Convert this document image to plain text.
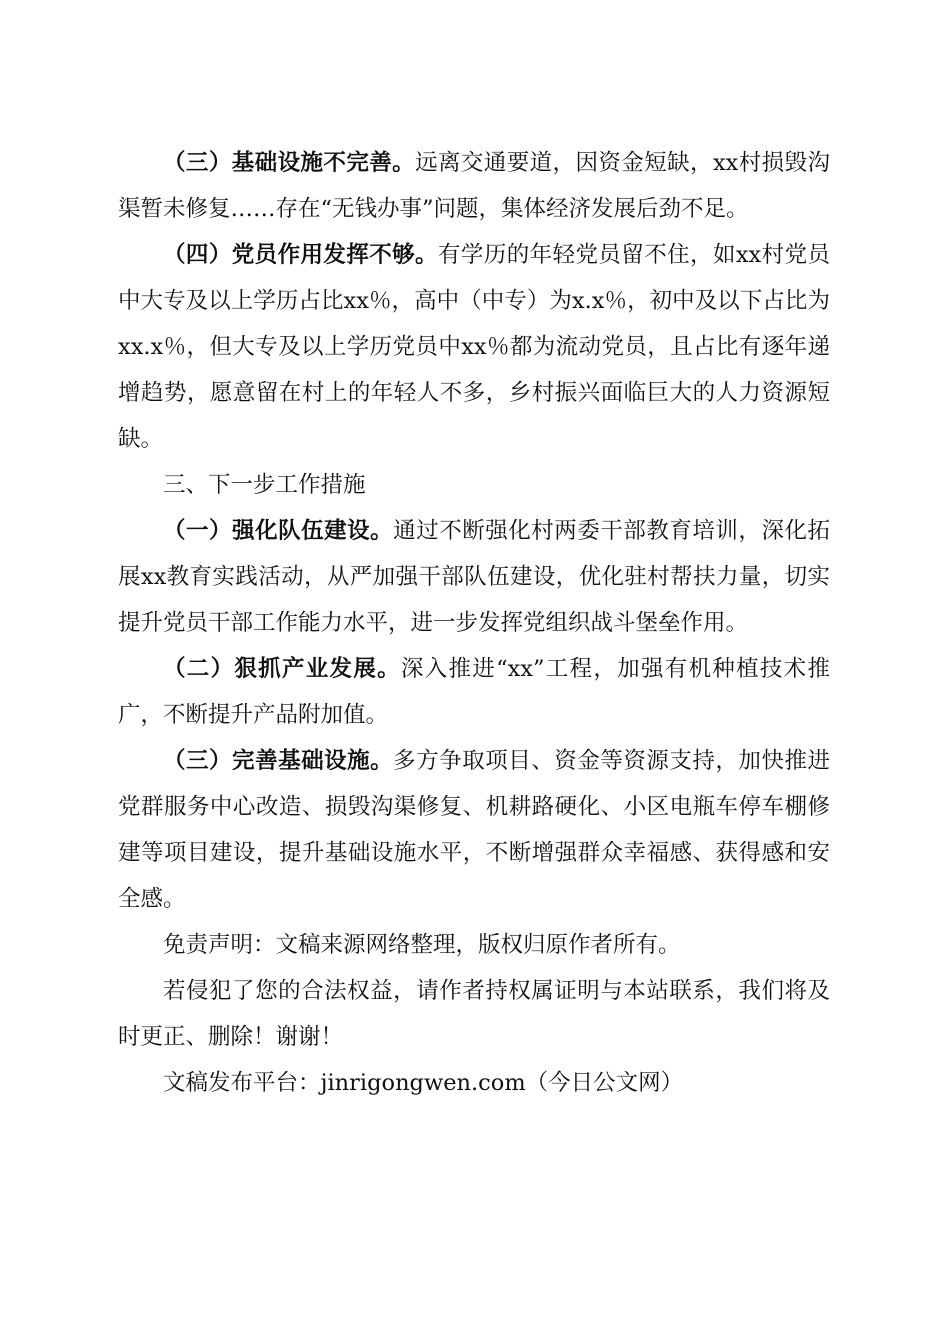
（三）基础设施不完善。远离交通要道，因资金短缺，xx村损毁沟渠暂未修复……存在“无钱办事”问题，集体经济发展后劲不足。

（四）党员作用发挥不够。有学历的年轻党员留不住，如xx村党员中大专及以上学历占比xx％，高中（中专）为x.x％，初中及以下占比为xx.x％，但大专及以上学历党员中xx％都为流动党员，且占比有逐年递增趋势，愿意留在村上的年轻人不多，乡村振兴面临巨大的人力资源短缺。

三、下一步工作措施

（一）强化队伍建设。通过不断强化村两委干部教育培训，深化拓展xx教育实践活动，从严加强干部队伍建设，优化驻村帮扶力量，切实提升党员干部工作能力水平，进一步发挥党组织战斗堡垒作用。

（二）狠抓产业发展。深入推进“xx”工程，加强有机种植技术推广，不断提升产品附加值。

（三）完善基础设施。多方争取项目、资金等资源支持，加快推进党群服务中心改造、损毁沟渠修复、机耕路硬化、小区电瓶车停车棚修建等项目建设，提升基础设施水平，不断增强群众幸福感、获得感和安全感。

免责声明：文稿来源网络整理，版权归原作者所有。

若侵犯了您的合法权益，请作者持权属证明与本站联系，我们将及时更正、删除！谢谢！

文稿发布平台：jinrigongwen.com（今日公文网）
